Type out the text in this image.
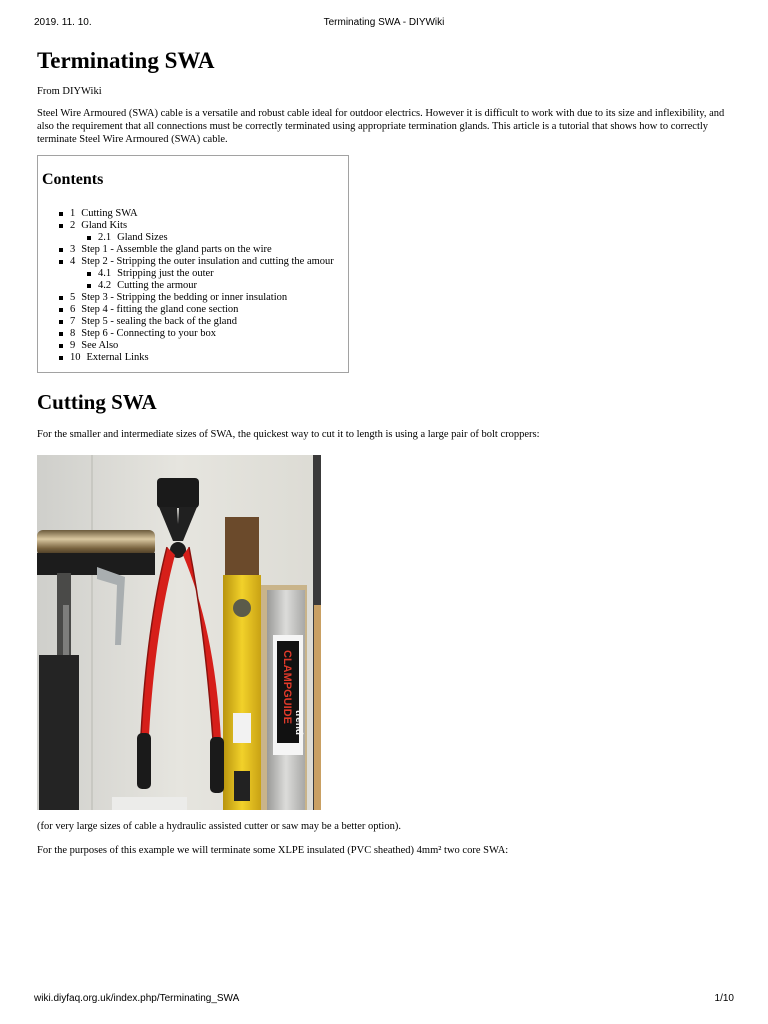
2019. 11. 10.	Terminating SWA - DIYWiki
Terminating SWA

From DIYWiki

Steel Wire Armoured (SWA) cable is a versatile and robust cable ideal for outdoor electrics. However it is difficult to work with due to its size and inflexibility, and also the requirement that all connections must be correctly terminated using appropriate termination glands. This article is a tutorial that shows how to correctly terminate Steel Wire Armoured (SWA) cable.

Contents
1 Cutting SWA
2 Gland Kits
2.1 Gland Sizes
3 Step 1 - Assemble the gland parts on the wire
4 Step 2 - Stripping the outer insulation and cutting the amour
4.1 Stripping just the outer
4.2 Cutting the armour
5 Step 3 - Stripping the bedding or inner insulation
6 Step 4 - fitting the gland cone section
7 Step 5 - sealing the back of the gland
8 Step 6 - Connecting to your box
9 See Also
10 External Links
Cutting SWA

For the smaller and intermediate sizes of SWA, the quickest way to cut it to length is using a large pair of bolt croppers:

CLAMPGUIDE trend

(for very large sizes of cable a hydraulic assisted cutter or saw may be a better option).

For the purposes of this example we will terminate some XLPE insulated (PVC sheathed) 4mm² two core SWA:

wiki.diyfaq.org.uk/index.php/Terminating_SWA	1/10
